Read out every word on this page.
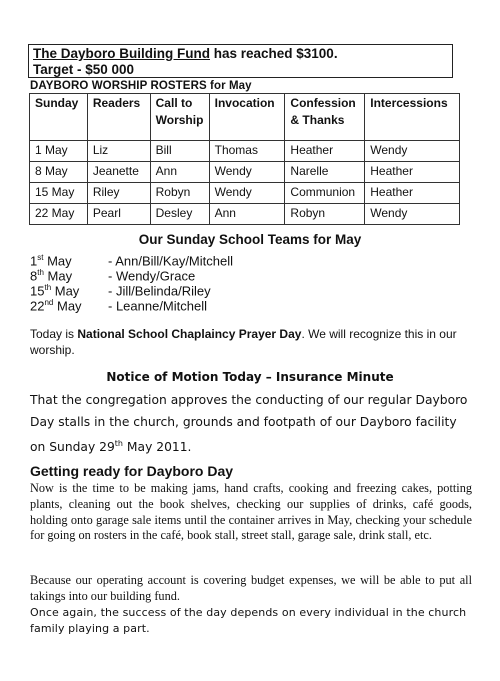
The Dayboro Building Fund has reached $3100.
Target - $50 000
DAYBORO WORSHIP ROSTERS for May
Sunday	Readers	Call to Worship	Invocation	Confession & Thanks	Intercessions
1 May	Liz	Bill	Thomas	Heather	Wendy
8 May	Jeanette	Ann	Wendy	Narelle	Heather
15 May	Riley	Robyn	Wendy	Communion	Heather
22 May	Pearl	Desley	Ann	Robyn	Wendy
Our Sunday School Teams for May
1st May	- Ann/Bill/Kay/Mitchell
8th May	- Wendy/Grace
15th May - Jill/Belinda/Riley
22nd May - Leanne/Mitchell
Today is National School Chaplaincy Prayer Day. We will recognize this in our worship.
Notice of Motion Today – Insurance Minute
That the congregation approves the conducting of our regular Dayboro Day stalls in the church, grounds and footpath of our Dayboro facility on Sunday 29th May 2011.
Getting ready for Dayboro Day
Now is the time to be making jams, hand crafts, cooking and freezing cakes, potting plants, cleaning out the book shelves, checking our supplies of drinks, café goods, holding onto garage sale items until the container arrives in May, checking your schedule for going on rosters in the café, book stall, street stall, garage sale, drink stall, etc.
Because our operating account is covering budget expenses, we will be able to put all takings into our building fund.
Once again, the success of the day depends on every individual in the church family playing a part.
